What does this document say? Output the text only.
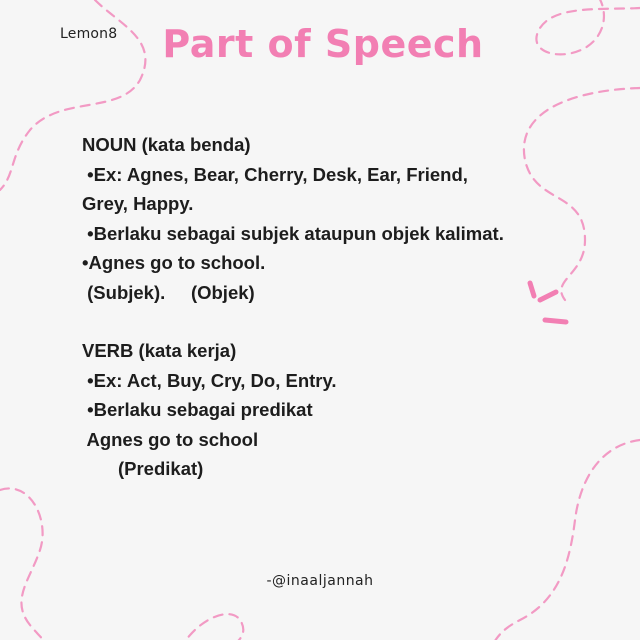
Lemon8	Part of Speech
NOUN (kata benda)
•Ex: Agnes, Bear, Cherry, Desk, Ear, Friend,
Grey, Happy.
•Berlaku sebagai subjek ataupun objek kalimat.
•Agnes go to school.
(Subjek).     (Objek)
VERB (kata kerja)
•Ex: Act, Buy, Cry, Do, Entry.
•Berlaku sebagai predikat
Agnes go to school
(Predikat)
-@inaaljannah
